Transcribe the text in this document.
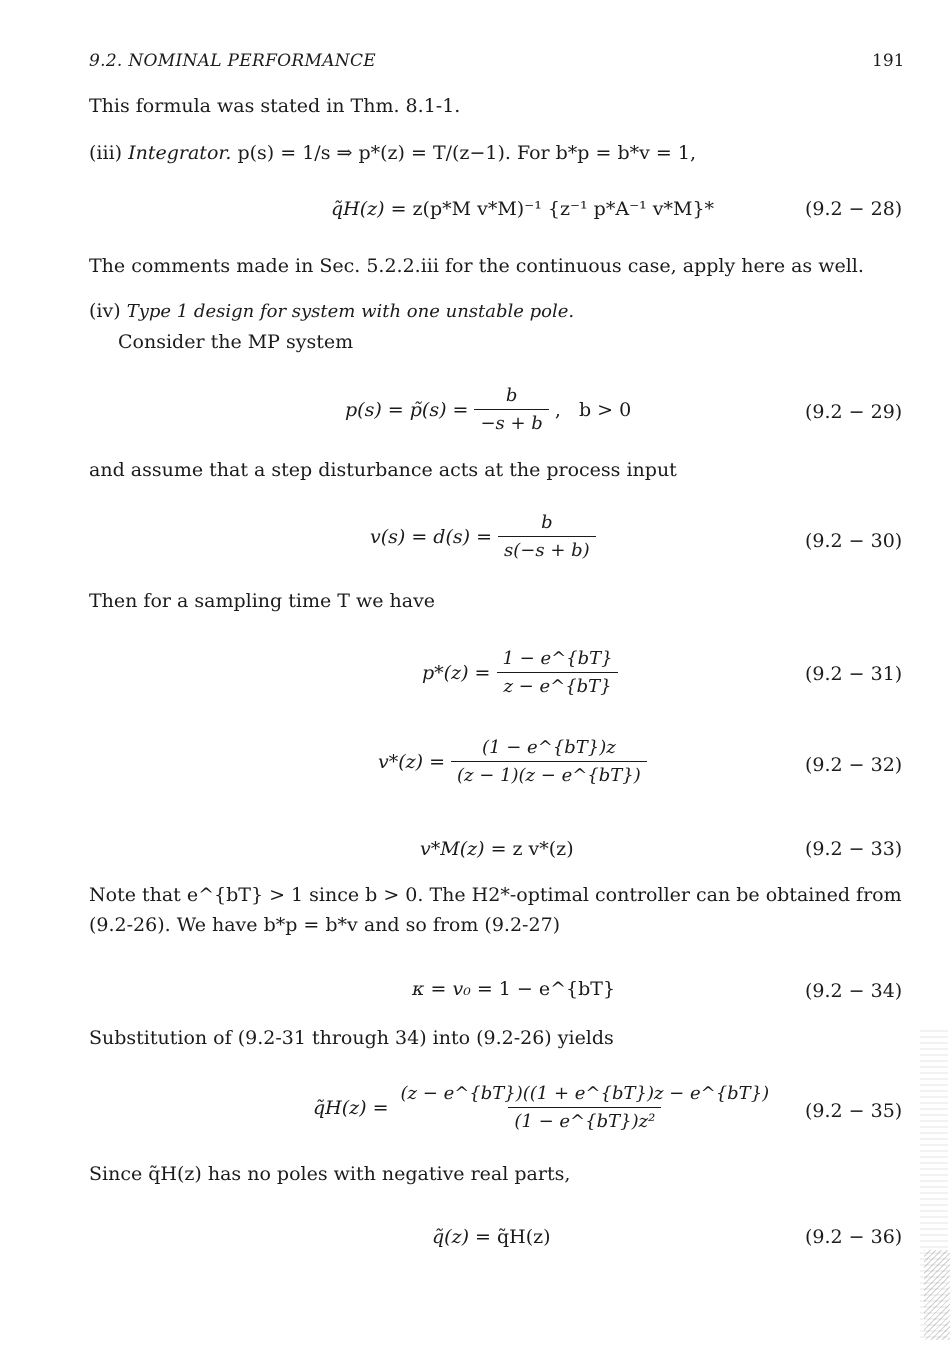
9.2. NOMINAL PERFORMANCE	191
This formula was stated in Thm. 8.1-1.
(iii) Integrator. p(s) = 1/s ⇒ p*(z) = T/(z−1). For b*p = b*v = 1,
q̃H(z) = z(p*M v*M)⁻¹ {z⁻¹ p*A⁻¹ v*M}*	(9.2 − 28)
The comments made in Sec. 5.2.2.iii for the continuous case, apply here as well.
(iv) Type 1 design for system with one unstable pole.
Consider the MP system
p(s) = p̃(s) = $\frac{b}{-s + b}$ ,   b > 0	(9.2 − 29)
and assume that a step disturbance acts at the process input
$v(s) = d(s) = \frac{b}{s(-s + b)}$	(9.2 − 30)
Then for a sampling time T we have
$p*(z) = \frac{1 - e\^{}\{bT\}}{z - e\^{}\{bT\}}$	(9.2 − 31)
$v*(z) = \frac{(1 - e\^{}\{bT\})z}{(z - 1)(z - e\^{}\{bT\})}$	(9.2 − 32)
v*M(z) = z v*(z)	(9.2 − 33)
Note that e^{bT} > 1 since b > 0. The H2*-optimal controller can be obtained from
(9.2-26). We have b*p = b*v and so from (9.2-27)
κ = v₀ = 1 − e^{bT}	(9.2 − 34)
Substitution of (9.2-31 through 34) into (9.2-26) yields
q̃H(z) = $\frac{(z - e\^{}\{bT\})((1 + e\^{}\{bT\})z - e\^{}\{bT\})}{\text{(1 − e\textasciicircum{}\{bT\})z²}} (9.2 - 35)$
Since q̃H(z) has no poles with negative real parts,
q̃(z) = q̃H(z)	(9.2 − 36)
